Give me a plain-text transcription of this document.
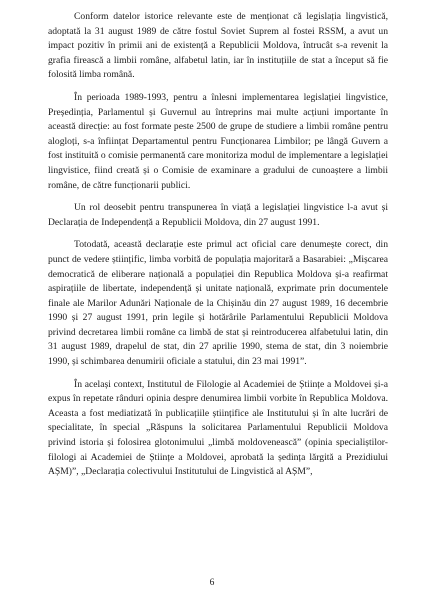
Conform datelor istorice relevante este de menționat că legislația lingvistică, adoptată la 31 august 1989 de către fostul Soviet Suprem al fostei RSSM, a avut un impact pozitiv în primii ani de existență a Republicii Moldova, întrucât s-a revenit la grafia firească a limbii române, alfabetul latin, iar în instituțiile de stat a început să fie folosită limba română.

În perioada 1989-1993, pentru a înlesni implementarea legislației lingvistice, Președinția, Parlamentul și Guvernul au întreprins mai multe acțiuni importante în această direcție: au fost formate peste 2500 de grupe de studiere a limbii române pentru alogloți, s-a înființat Departamentul pentru Funcționarea Limbilor; pe lângă Guvern a fost instituită o comisie permanentă care monitoriza modul de implementare a legislației lingvistice, fiind creată și o Comisie de examinare a gradului de cunoaștere a limbii române, de către funcționarii publici.

Un rol deosebit pentru transpunerea în viață a legislației lingvistice l-a avut și Declarația de Independență a Republicii Moldova, din 27 august 1991.

Totodată, această declarație este primul act oficial care denumește corect, din punct de vedere științific, limba vorbită de populația majoritară a Basarabiei: „Mișcarea democratică de eliberare națională a populației din Republica Moldova și-a reafirmat aspirațiile de libertate, independență și unitate națională, exprimate prin documentele finale ale Marilor Adunări Naționale de la Chișinău din 27 august 1989, 16 decembrie 1990 și 27 august 1991, prin legile și hotărârile Parlamentului Republicii Moldova privind decretarea limbii române ca limbă de stat și reintroducerea alfabetului latin, din 31 august 1989, drapelul de stat, din 27 aprilie 1990, stema de stat, din 3 noiembrie 1990, și schimbarea denumirii oficiale a statului, din 23 mai 1991”.

În același context, Institutul de Filologie al Academiei de Științe a Moldovei și-a expus în repetate rânduri opinia despre denumirea limbii vorbite în Republica Moldova. Aceasta a fost mediatizată în publicațiile științifice ale Institutului și în alte lucrări de specialitate, în special „Răspuns la solicitarea Parlamentului Republicii Moldova privind istoria și folosirea glotonimului „limbă moldovenească” (opinia specialiștilor-filologi ai Academiei de Științe a Moldovei, aprobată la ședința lărgită a Prezidiului AȘM)”, „Declarația colectivului Institutului de Lingvistică al AȘM”,

6
